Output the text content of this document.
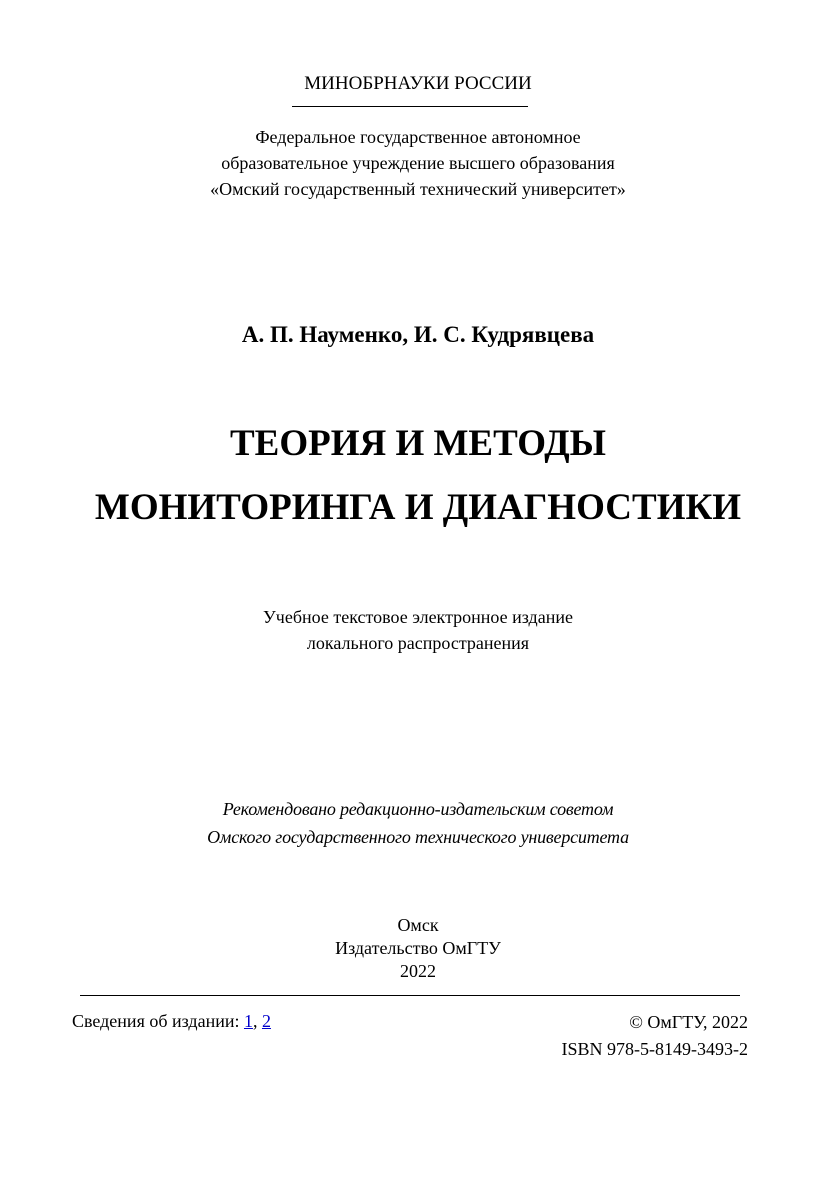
МИНОБРНАУКИ РОССИИ
Федеральное государственное автономное
образовательное учреждение высшего образования
«Омский государственный технический университет»
А. П. Науменко, И. С. Кудрявцева
ТЕОРИЯ И МЕТОДЫ
МОНИТОРИНГА И ДИАГНОСТИКИ
Учебное текстовое электронное издание
локального распространения
Рекомендовано редакционно-издательским советом
Омского государственного технического университета
Омск
Издательство ОмГТУ
2022
Сведения об издании: 1, 2	© ОмГТУ, 2022
ISBN 978-5-8149-3493-2
